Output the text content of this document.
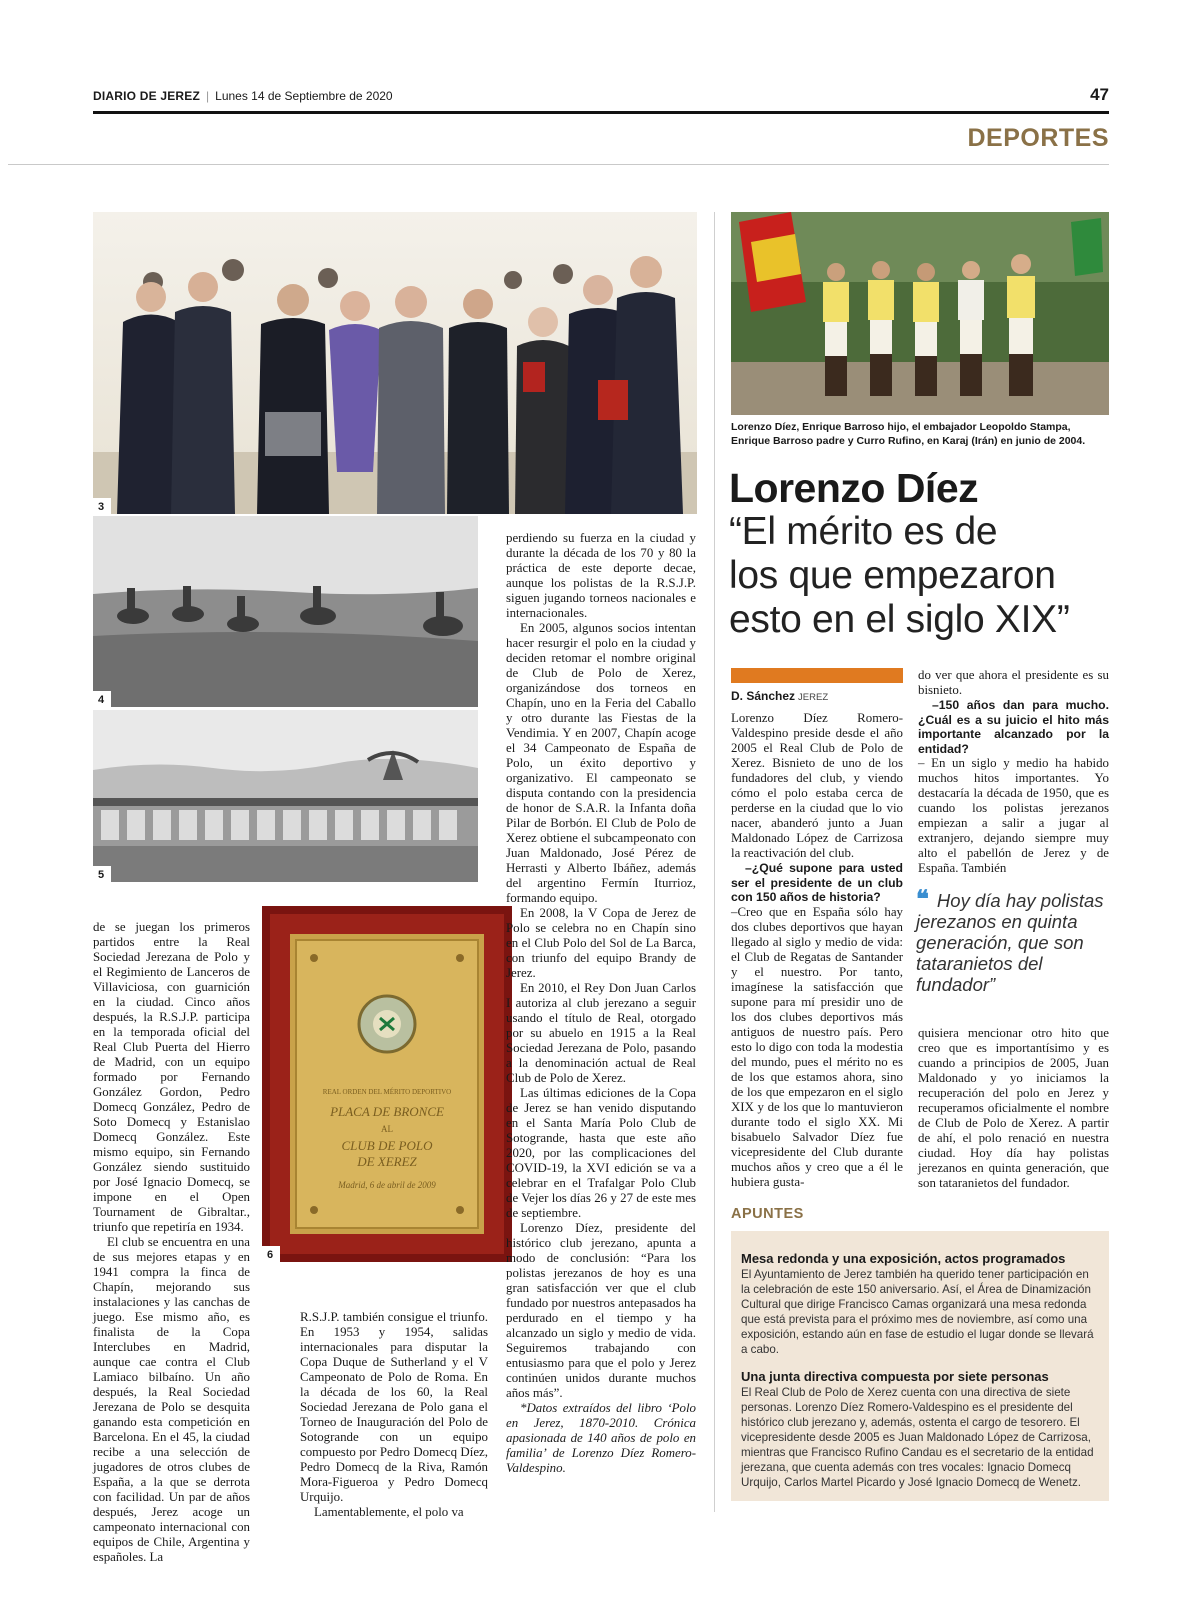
DIARIO DE JEREZ | Lunes 14 de Septiembre de 2020	47
DEPORTES
3
4
5
REAL ORDEN DEL MÉRITO DEPORTIVO
PLACA DE BRONCE
AL
CLUB DE POLO
DE XEREZ
Madrid, 6 de abril de 2009
6
Lorenzo Díez, Enrique Barroso hijo, el embajador Leopoldo Stampa, Enrique Barroso padre y Curro Rufino, en Karaj (Irán) en junio de 2004.
Lorenzo Díez
“El mérito es de
los que empezaron
esto en el siglo XIX”
D. Sánchez JEREZ

de se juegan los primeros partidos entre la Real Sociedad Jerezana de Polo y el Regimiento de Lanceros de Villaviciosa, con guarnición en la ciudad. Cinco años después, la R.S.J.P. participa en la temporada oficial del Real Club Puerta del Hierro de Madrid, con un equipo formado por Fernando González Gordon, Pedro Domecq González, Pedro de Soto Domecq y Estanislao Domecq González. Este mismo equipo, sin Fernando González siendo sustituido por José Ignacio Domecq, se impone en el Open Tournament de Gibraltar., triunfo que repetiría en 1934.

El club se encuentra en una de sus mejores etapas y en 1941 compra la finca de Chapín, mejorando sus instalaciones y las canchas de juego. Ese mismo año, es finalista de la Copa Interclubes en Madrid, aunque cae contra el Club Lamiaco bilbaíno. Un año después, la Real Sociedad Jerezana de Polo se desquita ganando esta competición en Barcelona. En el 45, la ciudad recibe a una selección de jugadores de otros clubes de España, a la que se derrota con facilidad. Un par de años después, Jerez acoge un campeonato internacional con equipos de Chile, Argentina y españoles. La

R.S.J.P. también consigue el triunfo. En 1953 y 1954, salidas internacionales para disputar la Copa Duque de Sutherland y el V Campeonato de Polo de Roma. En la década de los 60, la Real Sociedad Jerezana de Polo gana el Torneo de Inauguración del Polo de Sotogrande con un equipo compuesto por Pedro Domecq Díez, Pedro Domecq de la Riva, Ramón Mora-Figueroa y Pedro Domecq Urquijo.

Lamentablemente, el polo va

perdiendo su fuerza en la ciudad y durante la década de los 70 y 80 la práctica de este deporte decae, aunque los polistas de la R.S.J.P. siguen jugando torneos nacionales e internacionales.

En 2005, algunos socios intentan hacer resurgir el polo en la ciudad y deciden retomar el nombre original de Club de Polo de Xerez, organizándose dos torneos en Chapín, uno en la Feria del Caballo y otro durante las Fiestas de la Vendimia. Y en 2007, Chapín acoge el 34 Campeonato de España de Polo, un éxito deportivo y organizativo. El campeonato se disputa contando con la presidencia de honor de S.A.R. la Infanta doña Pilar de Borbón. El Club de Polo de Xerez obtiene el subcampeonato con Juan Maldonado, José Pérez de Herrasti y Alberto Ibáñez, además del argentino Fermín Iturrioz, formando equipo.

En 2008, la V Copa de Jerez de Polo se celebra no en Chapín sino en el Club Polo del Sol de La Barca, con triunfo del equipo Brandy de Jerez.

En 2010, el Rey Don Juan Carlos I autoriza al club jerezano a seguir usando el título de Real, otorgado por su abuelo en 1915 a la Real Sociedad Jerezana de Polo, pasando a la denominación actual de Real Club de Polo de Xerez.

Las últimas ediciones de la Copa de Jerez se han venido disputando en el Santa María Polo Club de Sotogrande, hasta que este año 2020, por las complicaciones del COVID-19, la XVI edición se va a celebrar en el Trafalgar Polo Club de Vejer los días 26 y 27 de este mes de septiembre.

Lorenzo Díez, presidente del histórico club jerezano, apunta a modo de conclusión: “Para los polistas jerezanos de hoy es una gran satisfacción ver que el club fundado por nuestros antepasados ha perdurado en el tiempo y ha alcanzado un siglo y medio de vida. Seguiremos trabajando con entusiasmo para que el polo y Jerez continúen unidos durante muchos años más”.

*Datos extraídos del libro ‘Polo en Jerez, 1870-2010. Crónica apasionada de 140 años de polo en familia’ de Lorenzo Díez Romero-Valdespino.

Lorenzo Díez Romero-Valdespino preside desde el año 2005 el Real Club de Polo de Xerez. Bisnieto de uno de los fundadores del club, y viendo cómo el polo estaba cerca de perderse en la ciudad que lo vio nacer, abanderó junto a Juan Maldonado López de Carrizosa la reactivación del club.

–¿Qué supone para usted ser el presidente de un club con 150 años de historia?

–Creo que en España sólo hay dos clubes deportivos que hayan llegado al siglo y medio de vida: el Club de Regatas de Santander y el nuestro. Por tanto, imagínese la satisfacción que supone para mí presidir uno de los dos clubes deportivos más antiguos de nuestro país. Pero esto lo digo con toda la modestia del mundo, pues el mérito no es de los que estamos ahora, sino de los que empezaron en el siglo XIX y de los que lo mantuvieron durante todo el siglo XX. Mi bisabuelo Salvador Díez fue vicepresidente del Club durante muchos años y creo que a él le hubiera gusta-

do ver que ahora el presidente es su bisnieto.

–150 años dan para mucho. ¿Cuál es a su juicio el hito más importante alcanzado por la entidad?

– En un siglo y medio ha habido muchos hitos importantes. Yo destacaría la década de 1950, que es cuando los polistas jerezanos empiezan a salir a jugar al extranjero, dejando siempre muy alto el pabellón de Jerez y de España. También

❝ Hoy día hay polistas jerezanos en quinta generación, que son tataranietos del fundador”

quisiera mencionar otro hito que creo que es importantísimo y es cuando a principios de 2005, Juan Maldonado y yo iniciamos la recuperación del polo en Jerez y recuperamos oficialmente el nombre de Club de Polo de Xerez. A partir de ahí, el polo renació en nuestra ciudad. Hoy día hay polistas jerezanos en quinta generación, que son tataranietos del fundador.

APUNTES

Mesa redonda y una exposición, actos programados

El Ayuntamiento de Jerez también ha querido tener participación en la celebración de este 150 aniversario. Así, el Área de Dinamización Cultural que dirige Francisco Camas organizará una mesa redonda que está prevista para el próximo mes de noviembre, así como una exposición, estando aún en fase de estudio el lugar donde se llevará a cabo.

Una junta directiva compuesta por siete personas

El Real Club de Polo de Xerez cuenta con una directiva de siete personas. Lorenzo Díez Romero-Valdespino es el presidente del histórico club jerezano y, además, ostenta el cargo de tesorero. El vicepresidente desde 2005 es Juan Maldonado López de Carrizosa, mientras que Francisco Rufino Candau es el secretario de la entidad jerezana, que cuenta además con tres vocales: Ignacio Domecq Urquijo, Carlos Martel Picardo y José Ignacio Domecq de Wenetz.
